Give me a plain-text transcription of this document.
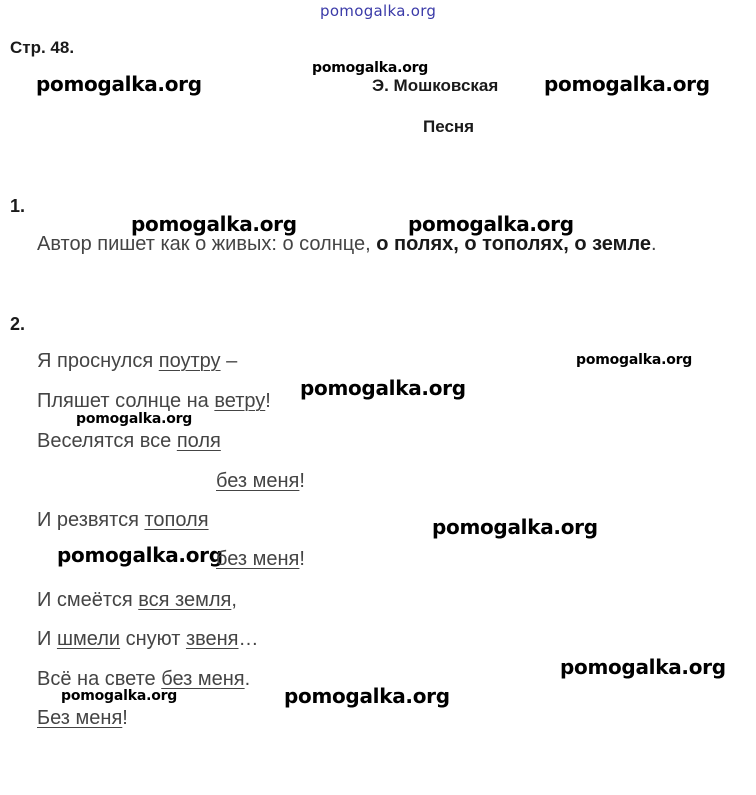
pomogalka.org
Стр. 48.
pomogalka.org
pomogalka.org	Э. Мошковская pomogalka.org
Песня
1.
pomogalka.org	pomogalka.org
Автор пишет как о живых: о солнце, о полях, о тополях, о земле.
2.
Я проснулся поутру –	pomogalka.org
pomogalka.org
Пляшет солнце на ветру!
pomogalka.org
Веселятся все поля
без меня!
И резвятся тополя	pomogalka.org
pomogalka.org
без меня!
И смеётся вся земля,
И шмели снуют звеня…
pomogalka.org
Всё на свете без меня.
pomogalka.org	pomogalka.org
Без меня!
